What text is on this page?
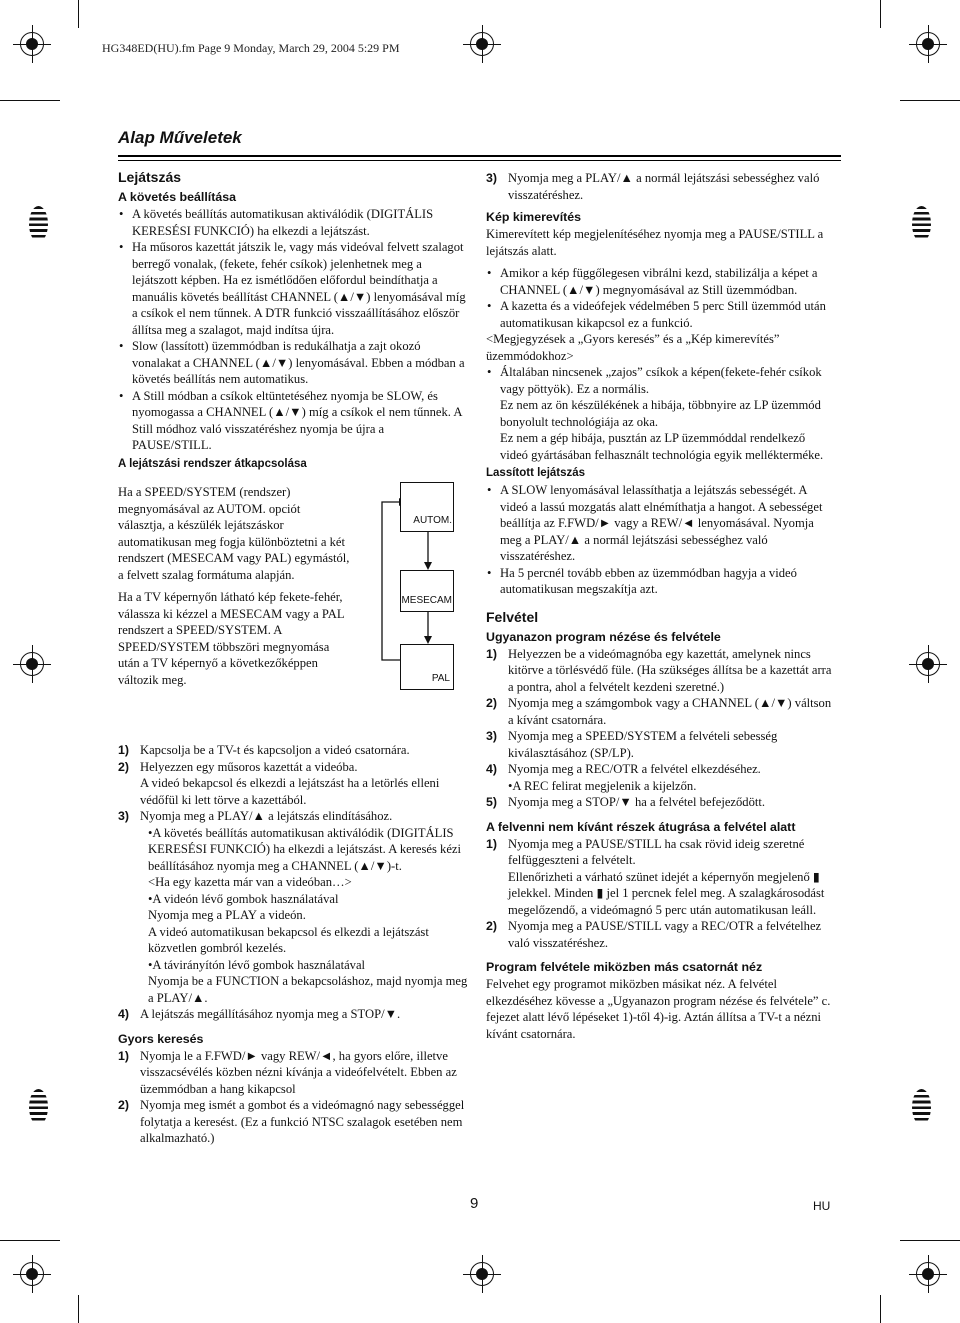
HG348ED(HU).fm Page 9 Monday, March 29, 2004 5:29 PM
Alap Műveletek
Lejátszás
A követés beállítása

• A követés beállítás automatikusan aktiválódik (DIGITÁLIS KERESÉSI FUNKCIÓ) ha elkezdi a lejátszást.

• Ha műsoros kazettát játszik le, vagy más videóval felvett szalagot berregő vonalak, (fekete, fehér csíkok) jelenhetnek meg a lejátszott képben. Ha ez ismétlődően előfordul beindíthatja a manuális követés beállítást CHANNEL (▲/▼) lenyomásával míg a csíkok el nem tűnnek. A DTR funkció visszaállításához először állítsa meg a szalagot, majd indítsa újra.

• Slow (lassított) üzemmódban is redukálhatja a zajt okozó vonalakat a CHANNEL (▲/▼) lenyomásával. Ebben a módban a követés beállítás nem automatikus.

• A Still módban a csíkok eltüntetéséhez nyomja be SLOW, és nyomogassa a CHANNEL (▲/▼) míg a csíkok el nem tűnnek. A Still módhoz való visszatéréshez nyomja be újra a PAUSE/STILL.

A lejátszási rendszer átkapcsolása

Ha a SPEED/SYSTEM (rendszer) megnyomásával az AUTOM. opciót választja, a készülék lejátszáskor automatikusan meg fogja különböztetni a két rendszert (MESECAM vagy PAL) egymástól, a felvett szalag formátuma alapján.

Ha a TV képernyőn látható kép fekete-fehér, válassza ki kézzel a MESECAM vagy a PAL rendszert a SPEED/SYSTEM. A SPEED/SYSTEM többszöri megnyomása után a TV képernyő a következőképpen változik meg.

AUTOM.
MESECAM
PAL

1) Kapcsolja be a TV-t és kapcsoljon a videó csatornára.

2) Helyezzen egy műsoros kazettát a videóba.

A videó bekapcsol és elkezdi a lejátszást ha a letörlés elleni védőfül ki lett törve a kazettából.

3) Nyomja meg a PLAY/▲ a lejátszás elindításához.

•A követés beállítás automatikusan aktiválódik (DIGITÁLIS KERESÉSI FUNKCIÓ) ha elkezdi a lejátszást. A keresés kézi beállításához nyomja meg a CHANNEL (▲/▼)-t.

<Ha egy kazetta már van a videóban…>

•A videón lévő gombok használatával

Nyomja meg a PLAY a videón.

A videó automatikusan bekapcsol és elkezdi a lejátszást közvetlen gombról kezelés.

•A távirányítón lévő gombok használatával

Nyomja be a FUNCTION a bekapcsoláshoz, majd nyomja meg a PLAY/▲.

4) A lejátszás megállításához nyomja meg a STOP/▼.

Gyors keresés

1) Nyomja le a F.FWD/► vagy REW/◄, ha gyors előre, illetve visszacsévélés közben nézni kívánja a videófelvételt. Ebben az üzemmódban a hang kikapcsol

2) Nyomja meg ismét a gombot és a videómagnó nagy sebességgel folytatja a keresést. (Ez a funkció NTSC szalagok esetében nem alkalmazható.)

3) Nyomja meg a PLAY/▲ a normál lejátszási sebességhez való visszatéréshez.

Kép kimerevítés

Kimerevített kép megjelenítéséhez nyomja meg a PAUSE/STILL a lejátszás alatt.

• Amikor a kép függőlegesen vibrálni kezd, stabilizálja a képet a CHANNEL (▲/▼) megnyomásával az Still üzemmódban.

• A kazetta és a videófejek védelmében 5 perc Still üzemmód után automatikusan kikapcsol ez a funkció.

<Megjegyzések a „Gyors keresés” és a „Kép kimerevítés” üzemmódokhoz>

• Általában nincsenek „zajos” csíkok a képen(fekete-fehér csíkok vagy pöttyök). Ez a normális.

Ez nem az ön készülékének a hibája, többnyire az LP üzemmód bonyolult technológiája az oka.

Ez nem a gép hibája, pusztán az LP üzemmóddal rendelkező videó gyártásában felhasznált technológia egyik mellékterméke.

Lassított lejátszás

• A SLOW lenyomásával lelassíthatja a lejátszás sebességét. A videó a lassú mozgatás alatt elnémíthatja a hangot. A sebességet beállítja az F.FWD/► vagy a REW/◄ lenyomásával. Nyomja meg a PLAY/▲ a normál lejátszási sebességhez való visszatéréshez.

• Ha 5 percnél tovább ebben az üzemmódban hagyja a videó automatikusan megszakítja azt.

Felvétel
Ugyanazon program nézése és felvétele

1) Helyezzen be a videómagnóba egy kazettát, amelynek nincs kitörve a törlésvédő füle. (Ha szükséges állítsa be a kazettát arra a pontra, ahol a felvételt kezdeni szeretné.)

2) Nyomja meg a számgombok vagy a CHANNEL (▲/▼) váltson a kívánt csatornára.

3) Nyomja meg a SPEED/SYSTEM a felvételi sebesség kiválasztásához (SP/LP).

4) Nyomja meg a REC/OTR a felvétel elkezdéséhez.

•A REC felirat megjelenik a kijelzőn.

5) Nyomja meg a STOP/▼ ha a felvétel befejeződött.

A felvenni nem kívánt részek átugrása a felvétel alatt

1) Nyomja meg a PAUSE/STILL ha csak rövid ideig szeretné felfüggeszteni a felvételt.

Ellenőrizheti a várható szünet idejét a képernyőn megjelenő ▮ jelekkel. Minden ▮ jel 1 percnek felel meg. A szalagkárosodást megelőzendő, a videómagnó 5 perc után automatikusan leáll.

2) Nyomja meg a PAUSE/STILL vagy a REC/OTR a felvételhez való visszatéréshez.

Program felvétele miközben más csatornát néz

Felvehet egy programot miközben másikat néz. A felvétel elkezdéséhez kövesse a „Ugyanazon program nézése és felvétele” c. fejezet alatt lévő lépéseket 1)-től 4)-ig. Aztán állítsa a TV-t a nézni kívánt csatornára.

9	HU
